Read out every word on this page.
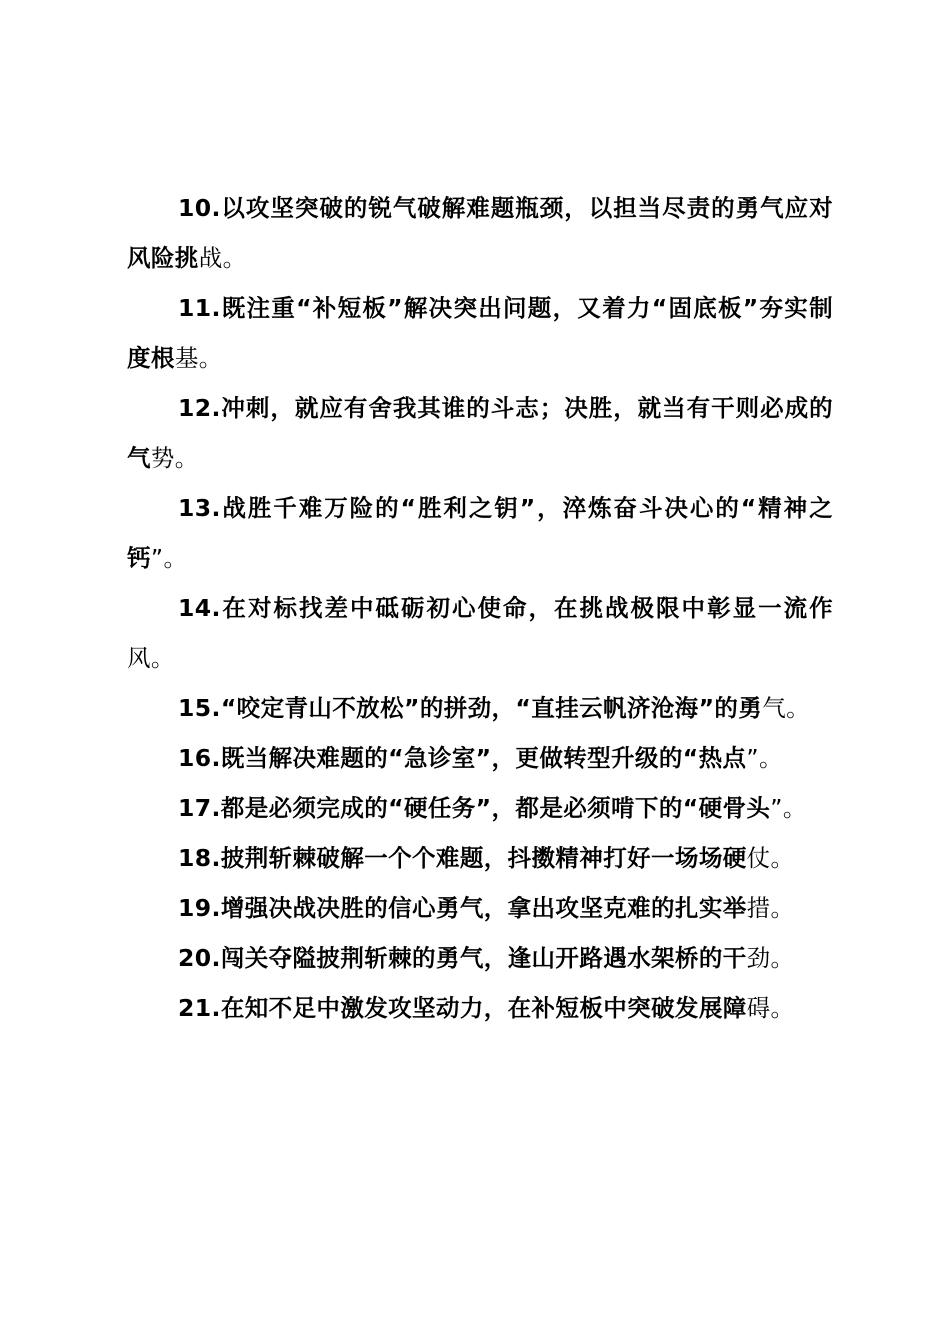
10.以攻坚突破的锐气破解难题瓶颈，以担当尽责的勇气应对风险挑战。

11.既注重“补短板”解决突出问题，又着力“固底板”夯实制度根基。

12.冲刺，就应有舍我其谁的斗志；决胜，就当有干则必成的气势。

13.战胜千难万险的“胜利之钥”，淬炼奋斗决心的“精神之钙”。

14.在对标找差中砥砺初心使命，在挑战极限中彰显一流作风。

15.“咬定青山不放松”的拼劲，“直挂云帆济沧海”的勇气。

16.既当解决难题的“急诊室”，更做转型升级的“热点”。

17.都是必须完成的“硬任务”，都是必须啃下的“硬骨头”。

18.披荆斩棘破解一个个难题，抖擞精神打好一场场硬仗。

19.增强决战决胜的信心勇气，拿出攻坚克难的扎实举措。

20.闯关夺隘披荆斩棘的勇气，逢山开路遇水架桥的干劲。

21.在知不足中激发攻坚动力，在补短板中突破发展障碍。
